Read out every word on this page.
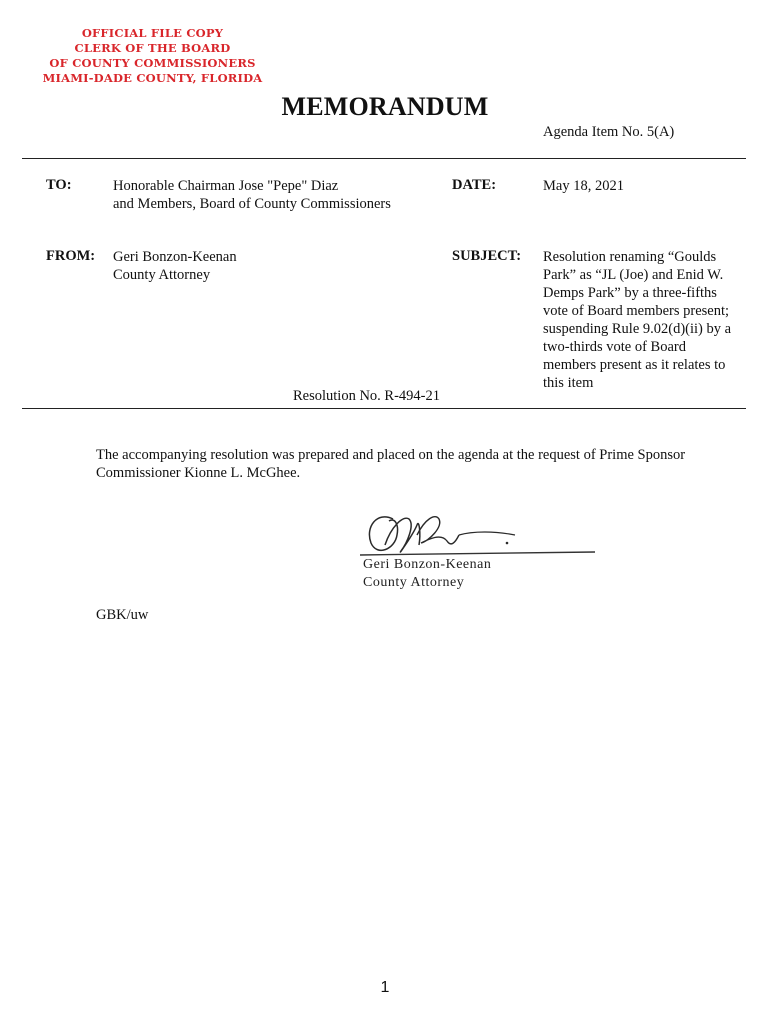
OFFICIAL FILE COPY
CLERK OF THE BOARD
OF COUNTY COMMISSIONERS
MIAMI-DADE COUNTY, FLORIDA
MEMORANDUM
Agenda Item No. 5(A)
TO:	Honorable Chairman Jose "Pepe" Diaz
and Members, Board of County Commissioners
DATE:	May 18, 2021
FROM: Geri Bonzon-Keenan
County Attorney
SUBJECT: Resolution renaming “Goulds
Park” as “JL (Joe) and Enid W.
Demps Park” by a three-fifths
vote of Board members present;
suspending Rule 9.02(d)(ii) by a
two-thirds vote of Board
members present as it relates to
this item
Resolution No. R-494-21
The accompanying resolution was prepared and placed on the agenda at the request of Prime Sponsor
Commissioner Kionne L. McGhee.
Geri Bonzon-Keenan
County Attorney
GBK/uw
1
